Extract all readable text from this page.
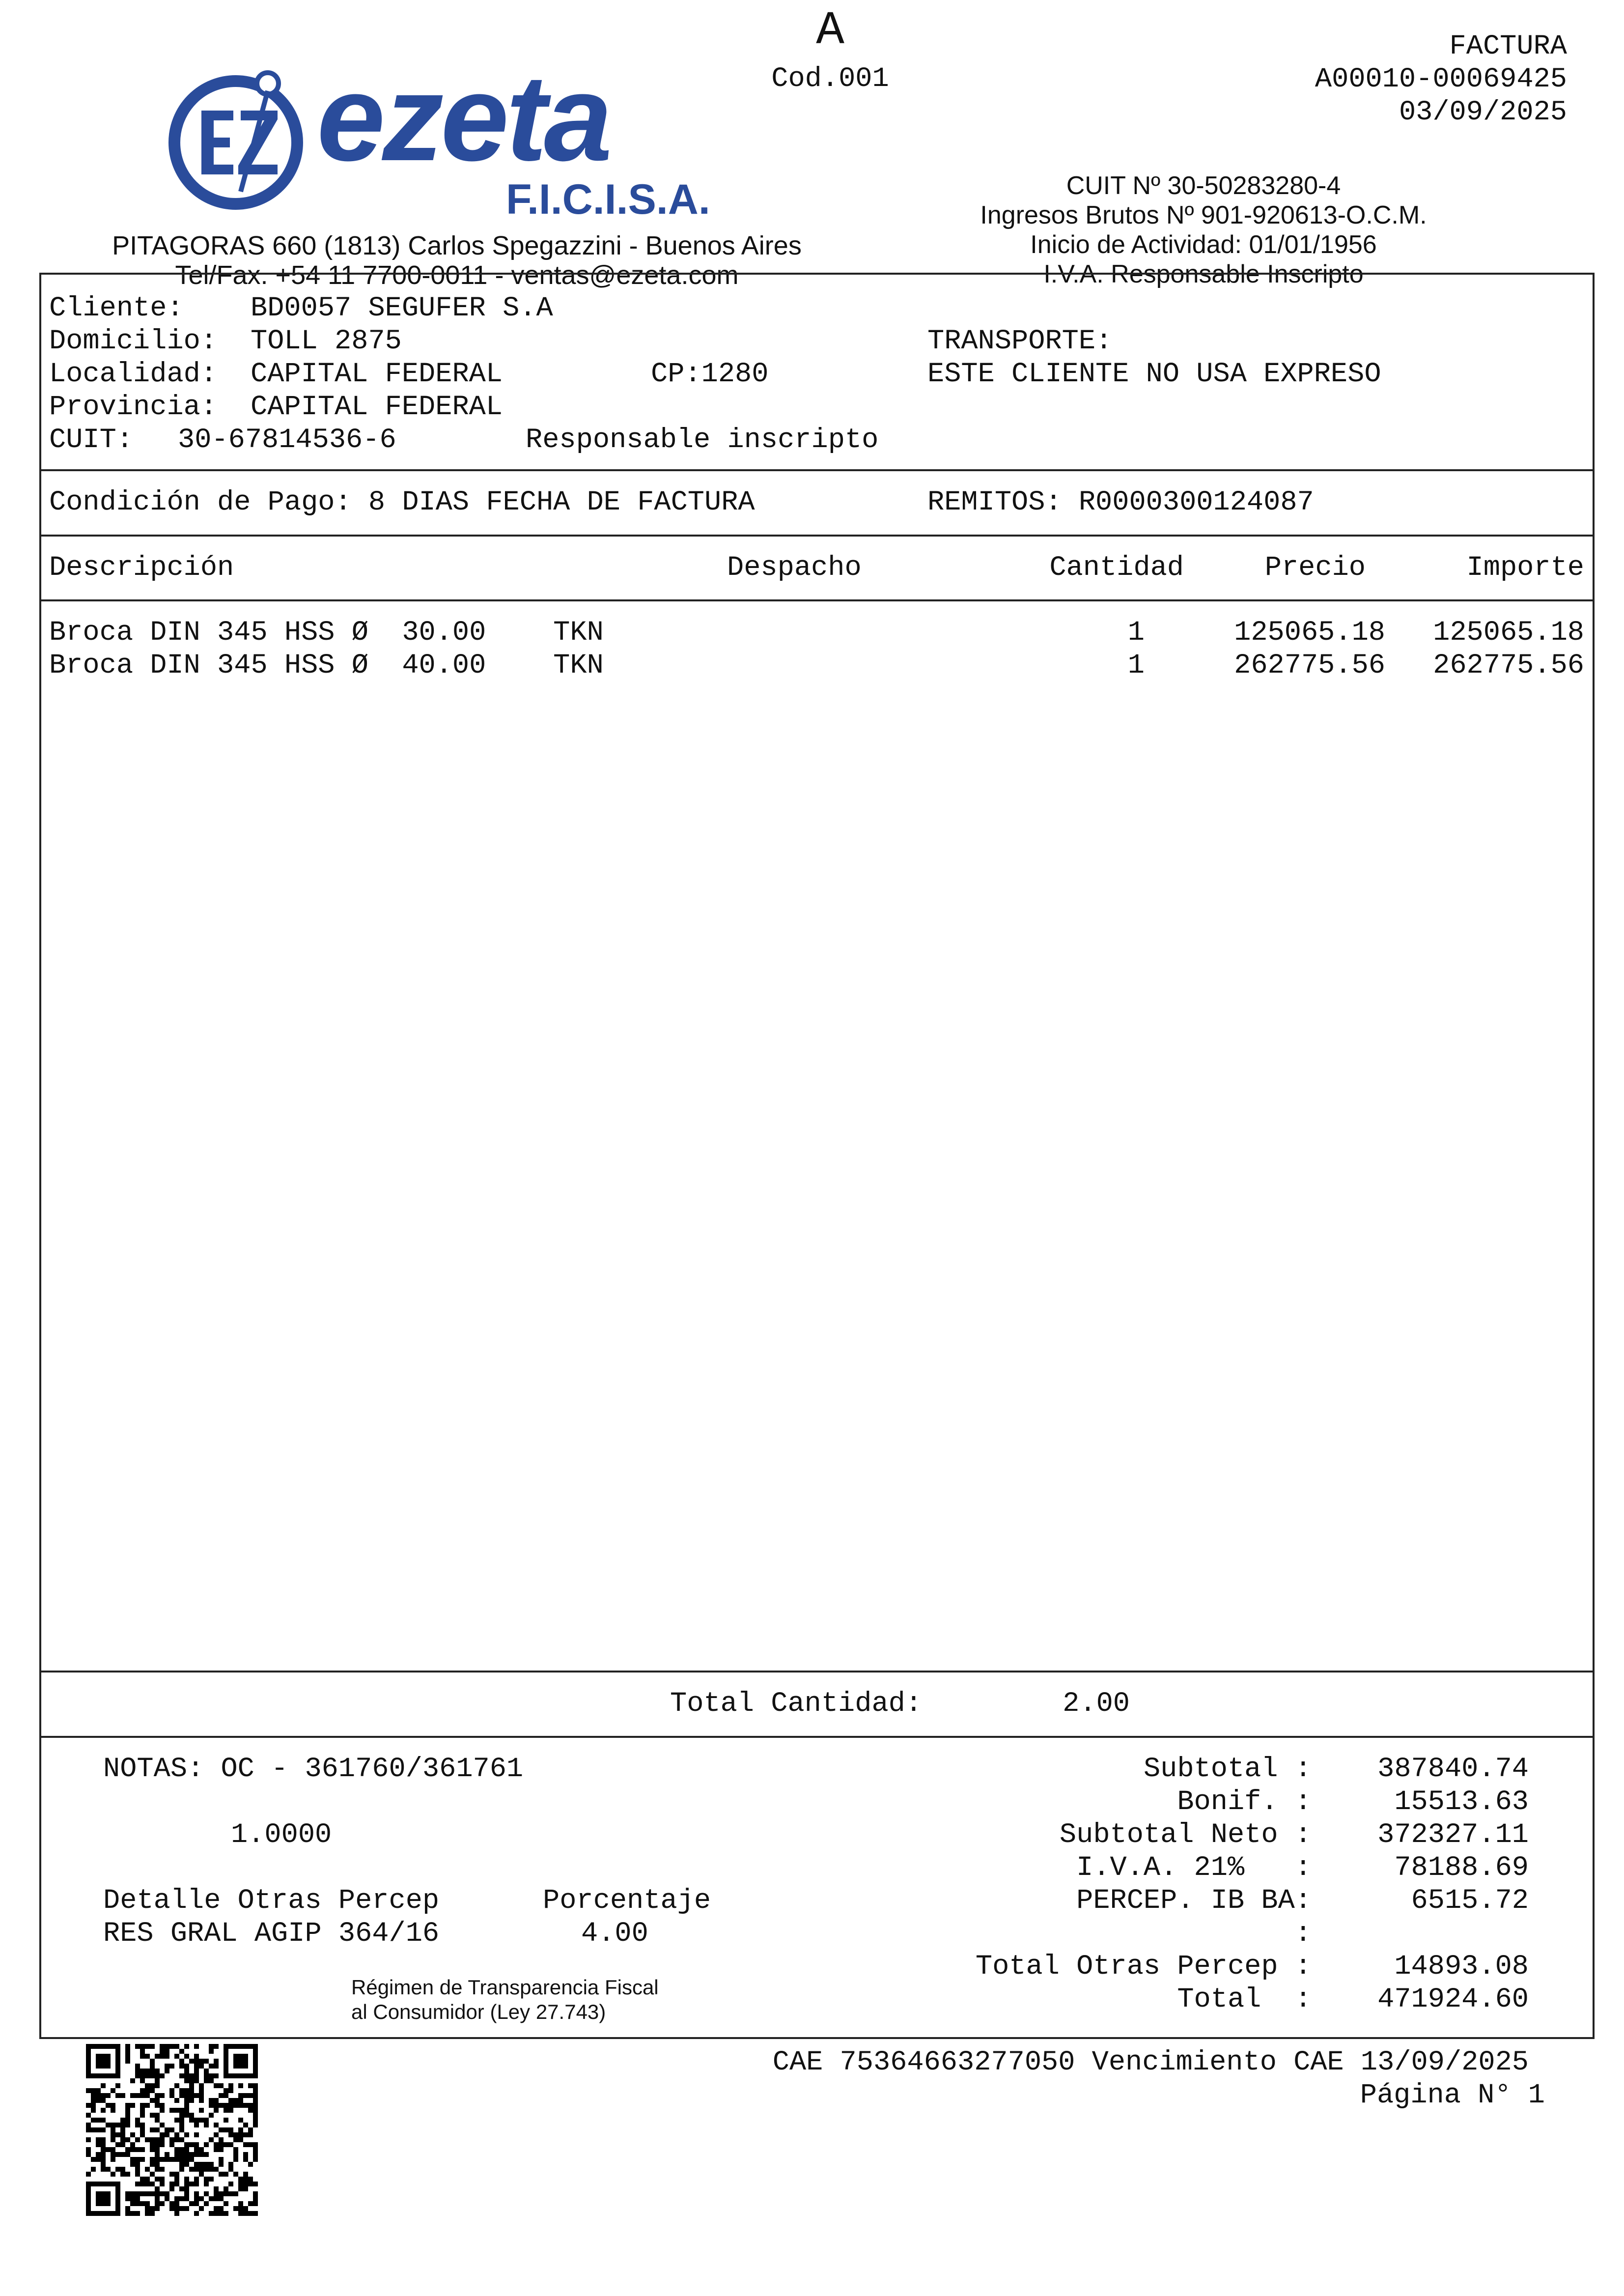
A
Cod.001
FACTURA
A00010-00069425
03/09/2025
ezeta
F.I.C.I.S.A.
PITAGORAS 660 (1813) Carlos Spegazzini - Buenos Aires
Tel/Fax. +54 11 7700-0011 - ventas@ezeta.com
CUIT Nº 30-50283280-4
Ingresos Brutos Nº 901-920613-O.C.M.
Inicio de Actividad: 01/01/1956
I.V.A. Responsable Inscripto
Cliente: BD0057 SEGUFER S.A
Domicilio: TOLL 2875
Localidad: CAPITAL FEDERAL	CP:1280
Provincia: CAPITAL FEDERAL
CUIT: 30-67814536-6	Responsable inscripto
TRANSPORTE:
ESTE CLIENTE NO USA EXPRESO
Condición de Pago: 8 DIAS FECHA DE FACTURA	REMITOS: R0000300124087
Descripción	Despacho	Cantidad	Precio	Importe
Broca DIN 345 HSS Ø  30.00    TKN	1	125065.18	125065.18
Broca DIN 345 HSS Ø  40.00    TKN	1	262775.56	262775.56
Total Cantidad:	2.00
NOTAS: OC - 361760/361761
1.0000
Detalle Otras Percep	Porcentaje
RES GRAL AGIP 364/16	4.00
Régimen de Transparencia Fiscal
al Consumidor (Ley 27.743)
Subtotal :	387840.74
Bonif. :	15513.63
Subtotal Neto :	372327.11
I.V.A. 21%   :	78188.69
PERCEP. IB BA:	6515.72
:
Total Otras Percep :	14893.08
Total  :	471924.60
CAE 75364663277050 Vencimiento CAE 13/09/2025
Página N° 1
